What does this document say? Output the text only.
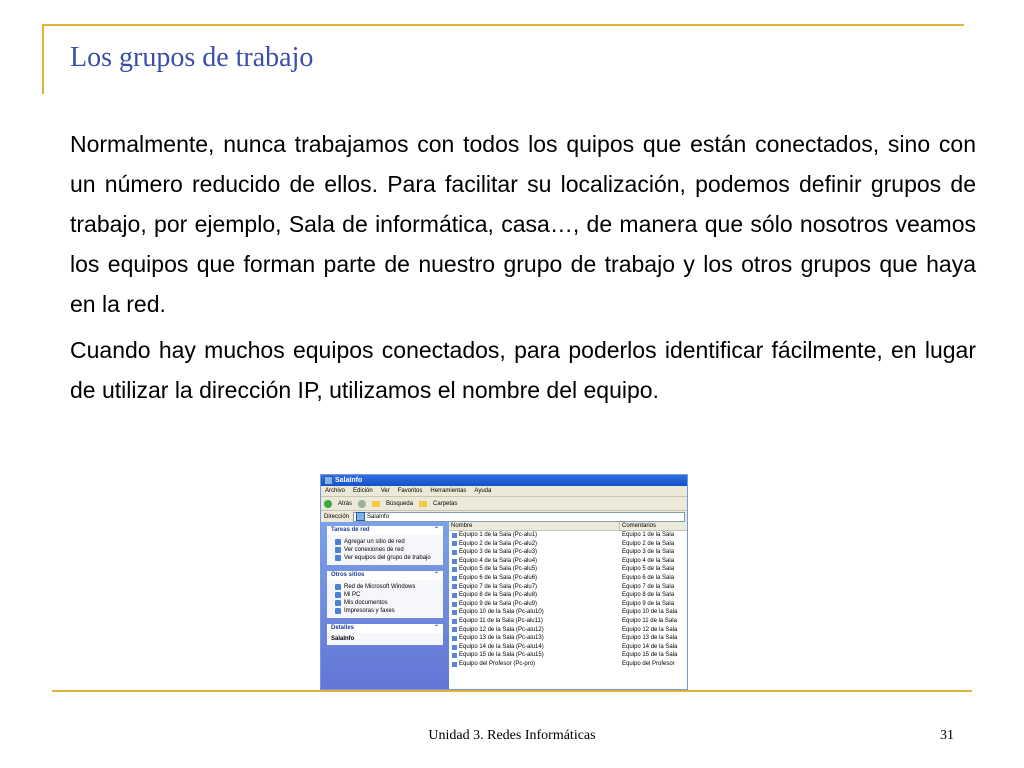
Los grupos de trabajo

Normalmente, nunca trabajamos con todos los quipos que están conectados, sino con un número reducido de ellos. Para facilitar su localización, podemos definir grupos de trabajo, por ejemplo, Sala de informática, casa…, de manera que sólo nosotros veamos los equipos que forman parte de nuestro grupo de trabajo y los otros grupos que haya en la red.

Cuando hay muchos equipos conectados, para poderlos identificar fácilmente, en lugar de utilizar la dirección IP, utilizamos el nombre del equipo.

SalaInfo
Archivo Edición Ver Favoritos Herramientas Ayuda
Atrás	Búsqueda	Carpetas
Dirección	SalaInfo
Tareas de red	⌃
Agregar un sitio de red
Ver conexiones de red
Ver equipos del grupo de trabajo
Otros sitios	⌃
Red de Microsoft Windows
Mi PC
Mis documentos
Impresoras y faxes
Detalles	⌃
SalaInfo
Nombre	Comentarios
Equipo 1 de la Sala (Pc-alu1)	Equipo 1 de la Sala
Equipo 2 de la Sala (Pc-alu2)	Equipo 2 de la Sala
Equipo 3 de la Sala (Pc-alu3)	Equipo 3 de la Sala
Equipo 4 de la Sala (Pc-alu4)	Equipo 4 de la Sala
Equipo 5 de la Sala (Pc-alu5)	Equipo 5 de la Sala
Equipo 6 de la Sala (Pc-alu6)	Equipo 6 de la Sala
Equipo 7 de la Sala (Pc-alu7)	Equipo 7 de la Sala
Equipo 8 de la Sala (Pc-alu8)	Equipo 8 de la Sala
Equipo 9 de la Sala (Pc-alu9)	Equipo 9 de la Sala
Equipo 10 de la Sala (Pc-alu10)	Equipo 10 de la Sala
Equipo 11 de la Sala (Pc-alu11)	Equipo 11 de la Sala
Equipo 12 de la Sala (Pc-alu12)	Equipo 12 de la Sala
Equipo 13 de la Sala (Pc-alu13)	Equipo 13 de la Sala
Equipo 14 de la Sala (Pc-alu14)	Equipo 14 de la Sala
Equipo 15 de la Sala (Pc-alu15)	Equipo 15 de la Sala
Equipo del Profesor (Pc-pro)	Equipo del Profesor
Unidad 3. Redes Informáticas	31
